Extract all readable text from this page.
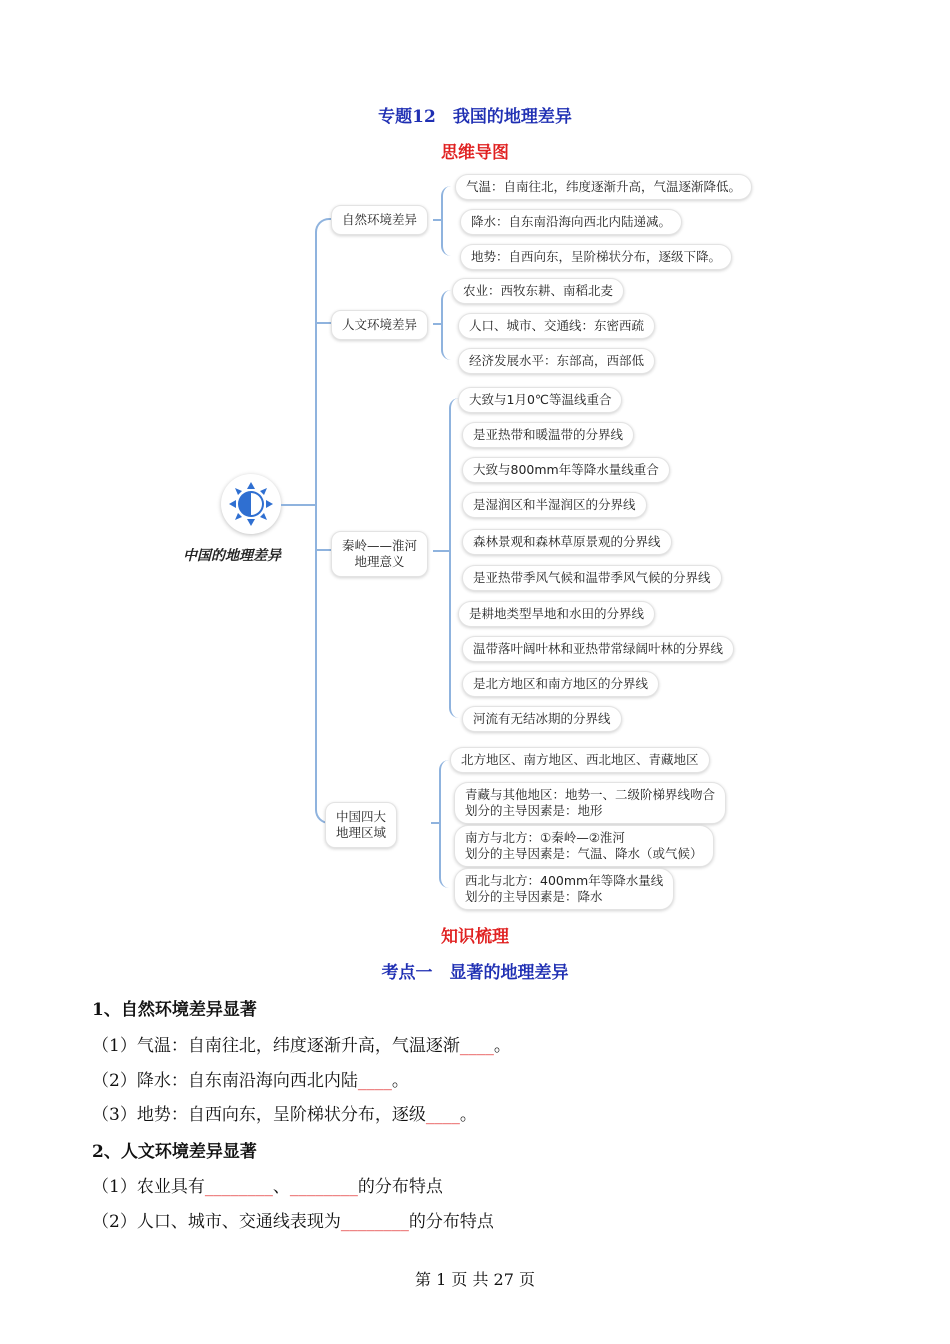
专题12　我国的地理差异
思维导图
中国的地理差异
自然环境差异
气温：自南往北，纬度逐渐升高，气温逐渐降低。
降水：自东南沿海向西北内陆递减。
地势：自西向东，呈阶梯状分布，逐级下降。
人文环境差异
农业：西牧东耕、南稻北麦
人口、城市、交通线：东密西疏
经济发展水平：东部高，西部低
秦岭——淮河
地理意义
大致与1月0℃等温线重合
是亚热带和暖温带的分界线
大致与800mm年等降水量线重合
是湿润区和半湿润区的分界线
森林景观和森林草原景观的分界线
是亚热带季风气候和温带季风气候的分界线
是耕地类型旱地和水田的分界线
温带落叶阔叶林和亚热带常绿阔叶林的分界线
是北方地区和南方地区的分界线
河流有无结冰期的分界线
中国四大
地理区域
北方地区、南方地区、西北地区、青藏地区
青藏与其他地区：地势一、二级阶梯界线吻合
划分的主导因素是：地形
南方与北方：①秦岭—②淮河
划分的主导因素是：气温、降水（或气候）
西北与北方：400mm年等降水量线
划分的主导因素是：降水
知识梳理
考点一　显著的地理差异
1、自然环境差异显著
（1）气温：自南往北，纬度逐渐升高，气温逐渐____。
（2）降水：自东南沿海向西北内陆____。
（3）地势：自西向东，呈阶梯状分布，逐级____。
2、人文环境差异显著
（1）农业具有________、________的分布特点
（2）人口、城市、交通线表现为________的分布特点
第 1 页 共 27 页
